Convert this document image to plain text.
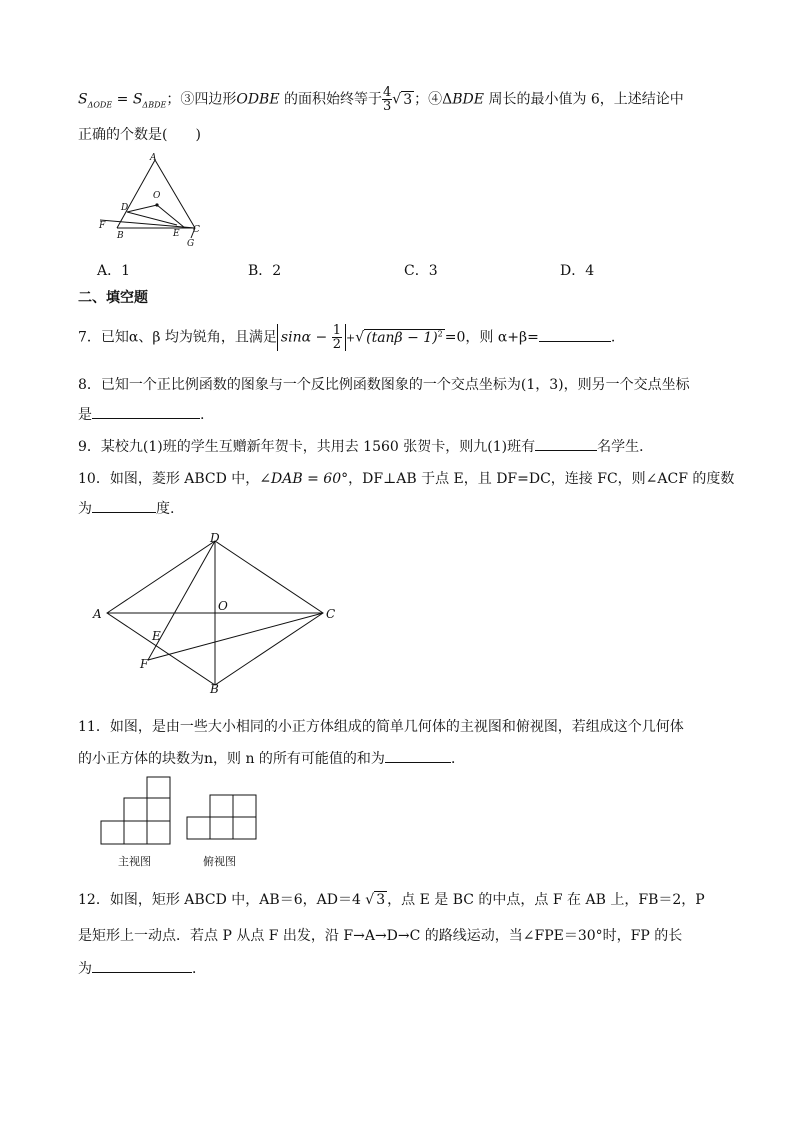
$S_{\Delta ODE} = S_{\Delta BDE}$；③四边形ODBE 的面积始终等于 $\frac{4}{3}$ √ 3 ；④ΔBDE 周长的最小值为 6，上述结论中
正确的个数是(　　)
A
O
D
F
B	E C
G
A．1	B．2	C．3	D．4
二、填空题
7．已知α、β 均为锐角，且满足 $\sin\alpha - \frac{1}{2}$ +√ $(\tan\beta - 1)^2 =0$，则 α+β=	.
8．已知一个正比例函数的图象与一个反比例函数图象的一个交点坐标为(1，3)，则另一个交点坐标
是	.
9．某校九(1)班的学生互赠新年贺卡，共用去 1560 张贺卡，则九(1)班有	名学生．
10．如图，菱形 ABCD 中，∠DAB = 60°，DF⊥AB 于点 E，且 DF=DC，连接 FC，则∠ACF 的度数
为	度.
D
A
O
C
E
F
B
11．如图，是由一些大小相同的小正方体组成的简单几何体的主视图和俯视图，若组成这个几何体
的小正方体的块数为n，则 n 的所有可能值的和为	．
主视图	俯视图
12．如图，矩形 ABCD 中，AB＝6，AD＝4 √ 3 ，点 E 是 BC 的中点，点 F 在 AB 上，FB＝2，P
是矩形上一动点．若点 P 从点 F 出发，沿 F→A→D→C 的路线运动，当∠FPE＝30°时，FP 的长
为	．
